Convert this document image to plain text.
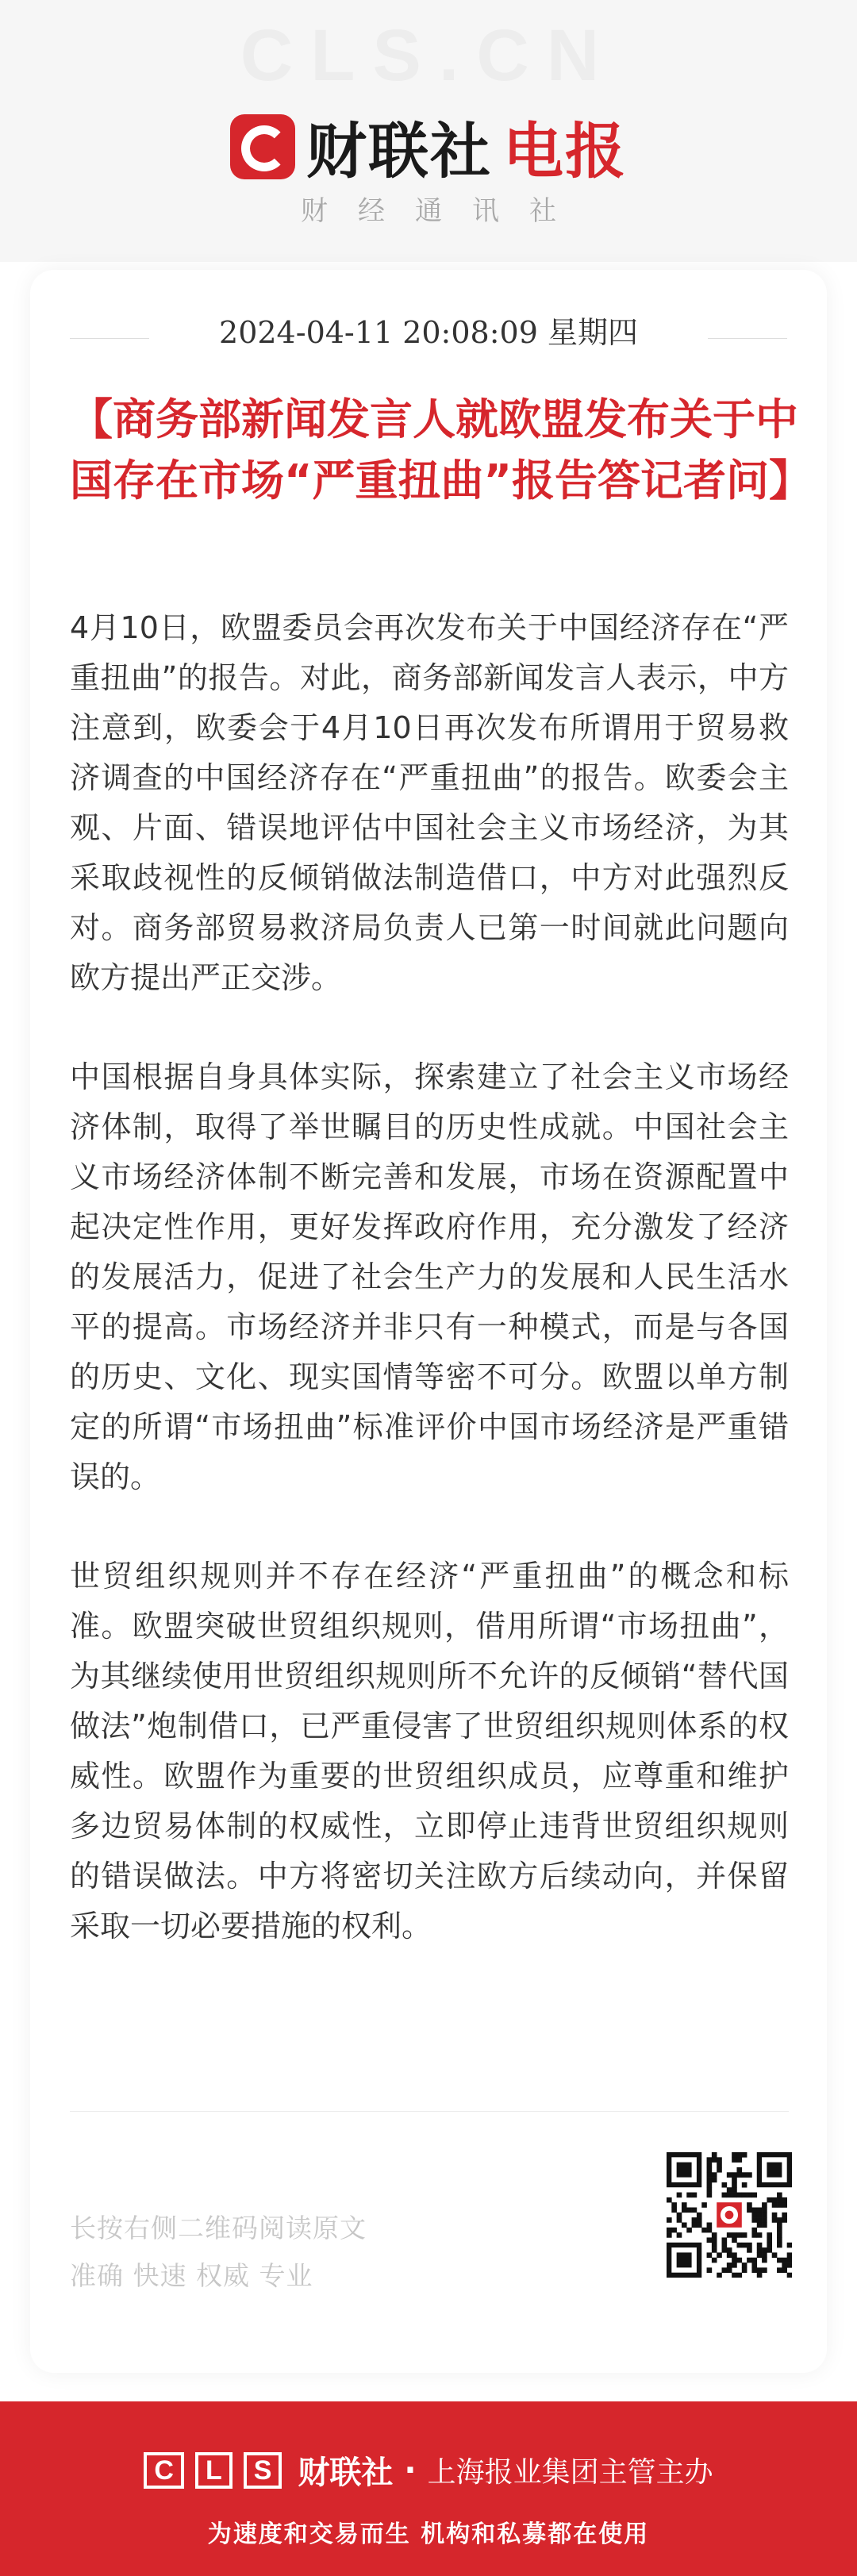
CLS.CN
财联社 电报
财经通讯社
2024-04-11 20:08:09 星期四
【商务部新闻发言人就欧盟发布关于中国存在市场“严重扭曲”报告答记者问】

4月10日，欧盟委员会再次发布关于中国经济存在“严重扭曲”的报告。对此，商务部新闻发言人表示，中方注意到，欧委会于4月10日再次发布所谓用于贸易救济调查的中国经济存在“严重扭曲”的报告。欧委会主观、片面、错误地评估中国社会主义市场经济，为其采取歧视性的反倾销做法制造借口，中方对此强烈反对。商务部贸易救济局负责人已第一时间就此问题向欧方提出严正交涉。

中国根据自身具体实际，探索建立了社会主义市场经济体制，取得了举世瞩目的历史性成就。中国社会主义市场经济体制不断完善和发展，市场在资源配置中起决定性作用，更好发挥政府作用，充分激发了经济的发展活力，促进了社会生产力的发展和人民生活水平的提高。市场经济并非只有一种模式，而是与各国的历史、文化、现实国情等密不可分。欧盟以单方制定的所谓“市场扭曲”标准评价中国市场经济是严重错误的。

世贸组织规则并不存在经济“严重扭曲”的概念和标准。欧盟突破世贸组织规则，借用所谓“市场扭曲”，为其继续使用世贸组织规则所不允许的反倾销“替代国做法”炮制借口，已严重侵害了世贸组织规则体系的权威性。欧盟作为重要的世贸组织成员，应尊重和维护多边贸易体制的权威性，立即停止违背世贸组织规则的错误做法。中方将密切关注欧方后续动向，并保留采取一切必要措施的权利。

长按右侧二维码阅读原文
准确 快速 权威 专业
C	L	S 财联社 · 上海报业集团主管主办
为速度和交易而生 机构和私募都在使用
